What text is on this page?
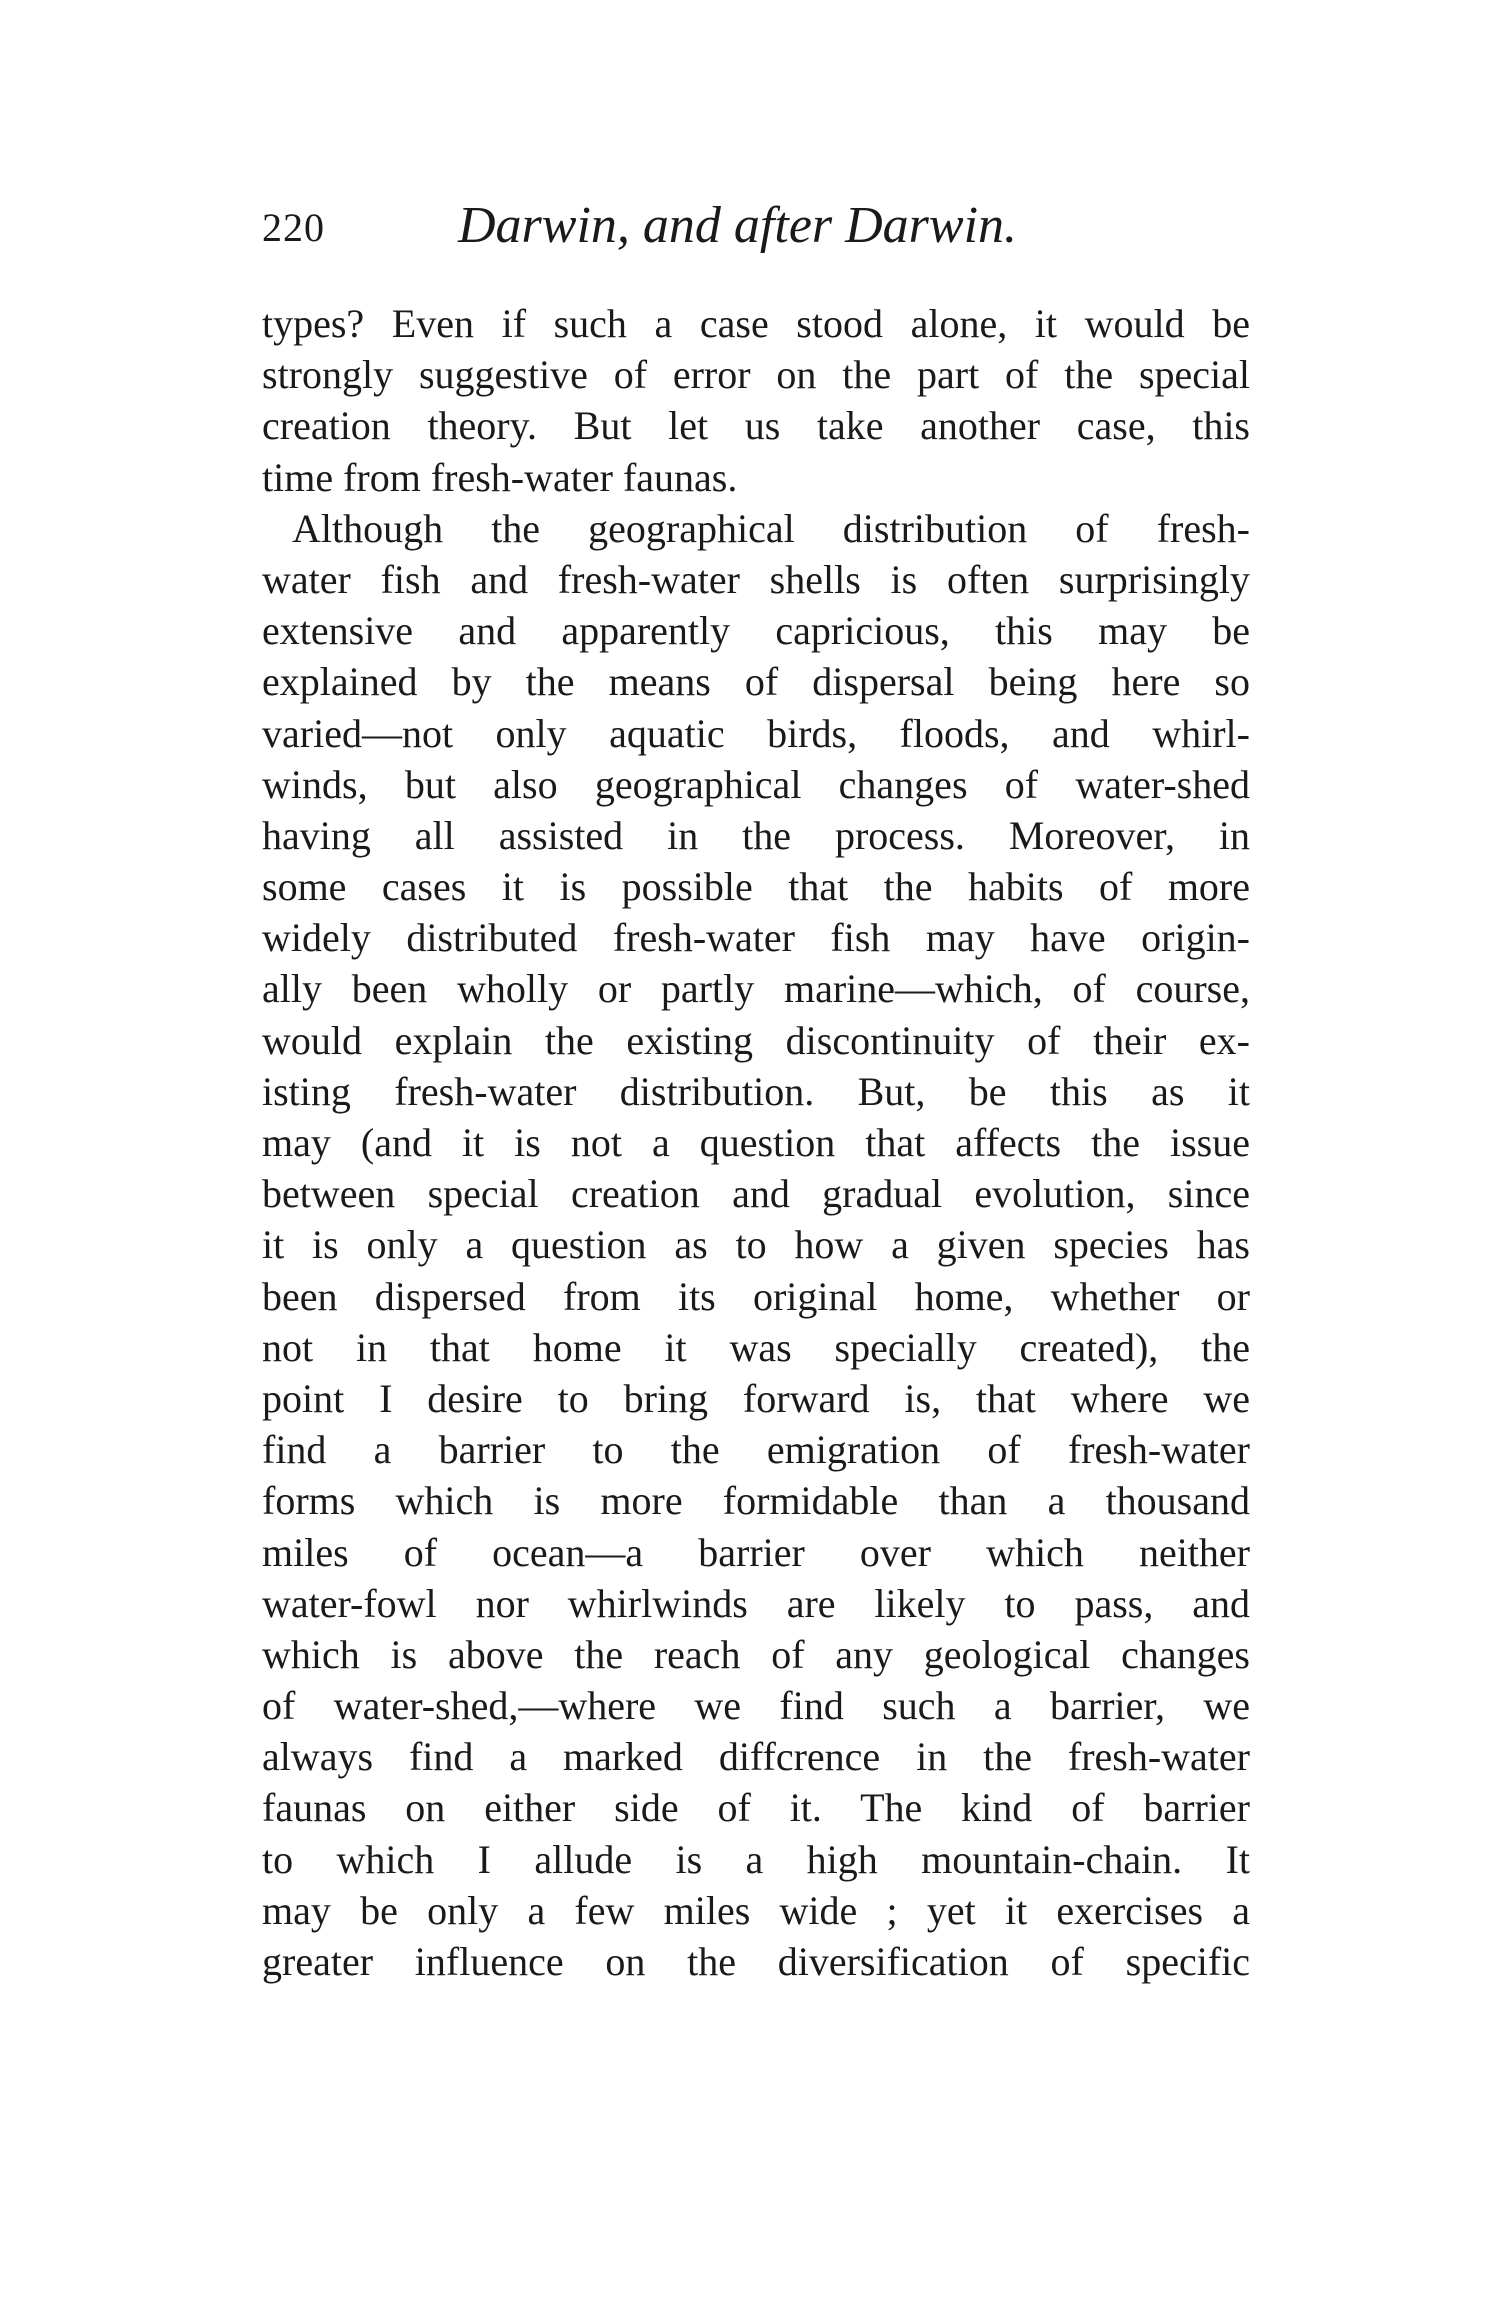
220	Darwin, and after Darwin.
types? Even if such a case stood alone, it would be
strongly suggestive of error on the part of the special
creation theory. But let us take another case, this
time from fresh-water faunas.
Although the geographical distribution of fresh-
water fish and fresh-water shells is often surprisingly
extensive and apparently capricious, this may be
explained by the means of dispersal being here so
varied—not only aquatic birds, floods, and whirl-
winds, but also geographical changes of water-shed
having all assisted in the process. Moreover, in
some cases it is possible that the habits of more
widely distributed fresh-water fish may have origin-
ally been wholly or partly marine—which, of course,
would explain the existing discontinuity of their ex-
isting fresh-water distribution. But, be this as it
may (and it is not a question that affects the issue
between special creation and gradual evolution, since
it is only a question as to how a given species has
been dispersed from its original home, whether or
not in that home it was specially created), the
point I desire to bring forward is, that where we
find a barrier to the emigration of fresh-water
forms which is more formidable than a thousand
miles of ocean—a barrier over which neither
water-fowl nor whirlwinds are likely to pass, and
which is above the reach of any geological changes
of water-shed,—where we find such a barrier, we
always find a marked diffcrence in the fresh-water
faunas on either side of it. The kind of barrier
to which I allude is a high mountain-chain. It
may be only a few miles wide ; yet it exercises a
greater influence on the diversification of specific
